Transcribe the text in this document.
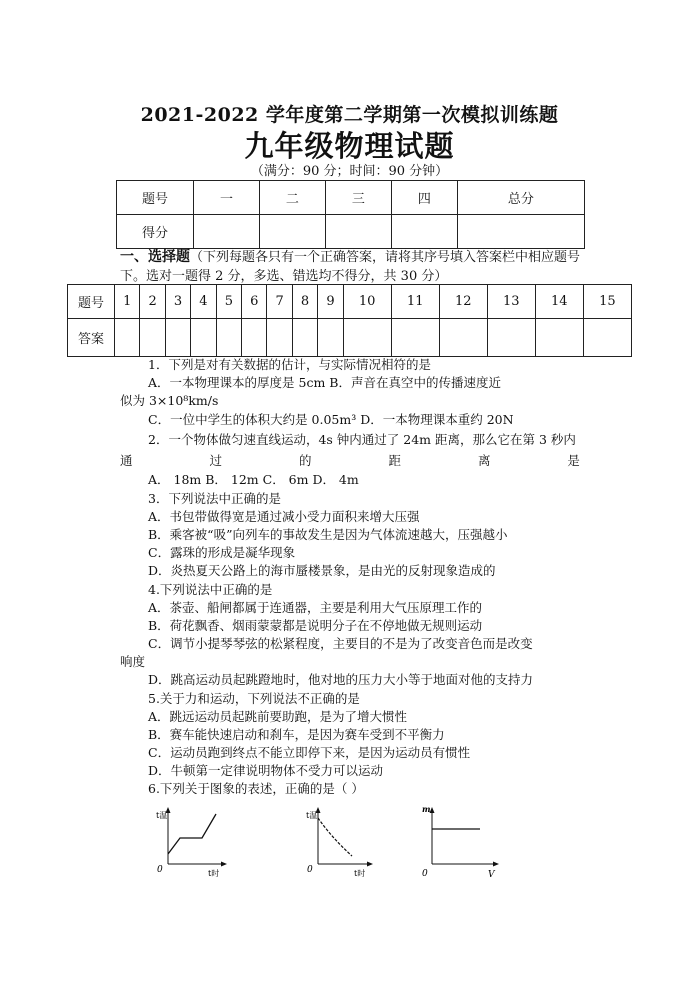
2021-2022 学年度第二学期第一次模拟训练题
九年级物理试题
（满分：90 分；时间：90 分钟）
题号	一	二	三	四	总分
得分					
一、选择题（下列每题各只有一个正确答案，请将其序号填入答案栏中相应题号下。选对一题得 2 分，多选、错选均不得分，共 30 分）
题号	1	2	3	4	5	6	7	8	9	10	11	12	13	14	15
答案															
1．下列是对有关数据的估计，与实际情况相符的是
A．一本物理课本的厚度是 5cm B．声音在真空中的传播速度近
似为 3×10⁸km/s
C．一位中学生的体积大约是 0.05m³ D．一本物理课本重约 20N
2．一个物体做匀速直线运动，4s 钟内通过了 24m 距离，那么它在第 3 秒内
通	过	的	距	离	是
A． 18m B． 12m C． 6m D． 4m
3．下列说法中正确的是
A．书包带做得宽是通过减小受力面积来增大压强
B．乘客被“吸”向列车的事故发生是因为气体流速越大，压强越小
C．露珠的形成是凝华现象
D．炎热夏天公路上的海市蜃楼景象，是由光的反射现象造成的
4.下列说法中正确的是
A．茶壶、船闸都属于连通器，主要是利用大气压原理工作的
B．荷花飘香、烟雨蒙蒙都是说明分子在不停地做无规则运动
C．调节小提琴琴弦的松紧程度，主要目的不是为了改变音色而是改变
响度
D．跳高运动员起跳蹬地时，他对地的压力大小等于地面对他的支持力
5.关于力和运动，下列说法不正确的是
A．跳远运动员起跳前要助跑，是为了增大惯性
B．赛车能快速启动和刹车，是因为赛车受到不平衡力
C．运动员跑到终点不能立即停下来，是因为运动员有惯性
D．牛顿第一定律说明物体不受力可以运动
6.下列关于图象的表述，正确的是（ ）
t温
t时
0
t温
t时
0
m
V
0
